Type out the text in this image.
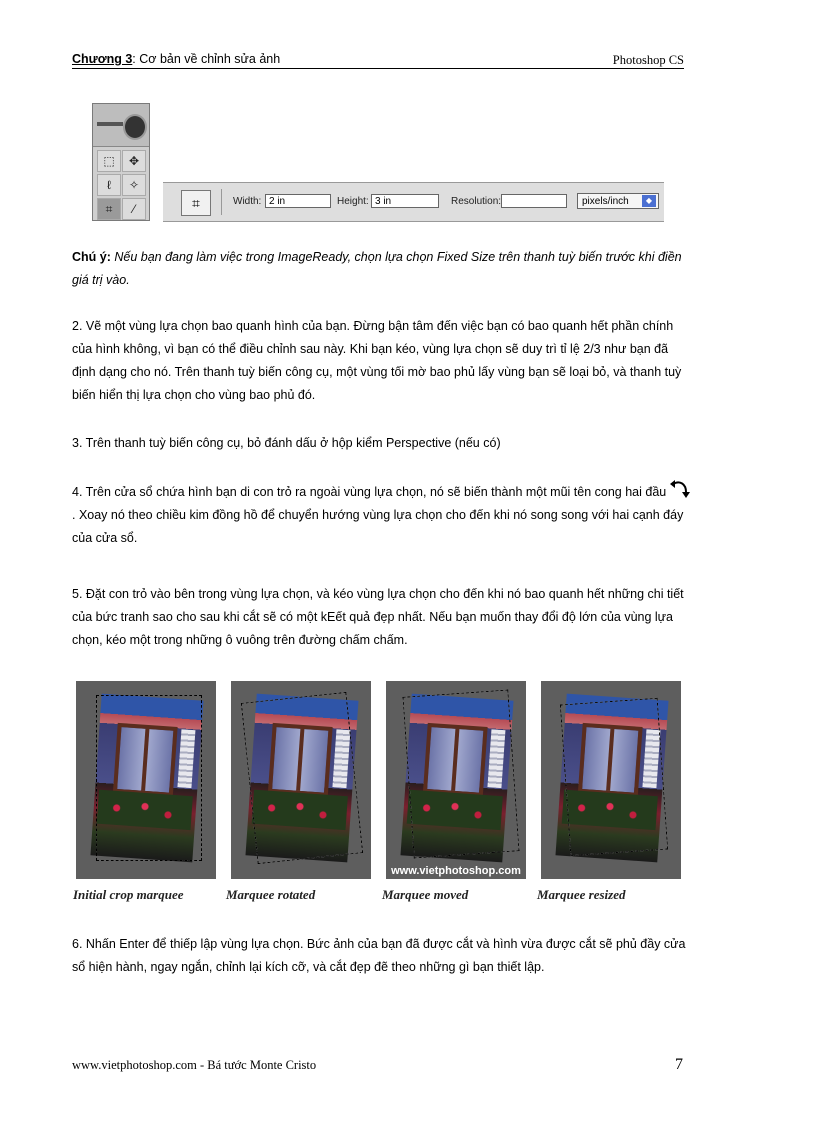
Chương 3: Cơ bản về chỉnh sửa ảnh	Photoshop CS
⬚	✥
ℓ	✧
⌗	⁄	⌗	Width: 2 in	Height: 3 in	Resolution:	pixels/inch	◆
Chú ý: Nếu bạn đang làm việc trong ImageReady, chọn lựa chọn Fixed Size trên thanh tuỳ biến trước khi điền giá trị vào.
2. Vẽ một vùng lựa chọn bao quanh hình của bạn. Đừng bận tâm đến việc bạn có bao quanh hết phần chính của hình không, vì bạn có thể điều chỉnh sau này. Khi bạn kéo, vùng lựa chọn sẽ duy trì tỉ lệ 2/3 như bạn đã định dạng cho nó. Trên thanh tuỳ biến công cụ, một vùng tối mờ bao phủ lấy vùng bạn sẽ loại bỏ, và thanh tuỳ biến hiển thị lựa chọn cho vùng bao phủ đó.
3. Trên thanh tuỳ biến công cụ, bỏ đánh dấu ở hộp kiểm Perspective (nếu có)
4. Trên cửa sổ chứa hình bạn di con trỏ ra ngoài vùng lựa chọn, nó sẽ biến thành một mũi tên cong hai đầu . Xoay nó theo chiều kim đồng hồ để chuyển hướng vùng lựa chọn cho đến khi nó song song với hai cạnh đáy của cửa sổ.
5. Đặt con trỏ vào bên trong vùng lựa chọn, và kéo vùng lựa chọn cho đến khi nó bao quanh hết những chi tiết của bức tranh sao cho sau khi cắt sẽ có một kEết quả đẹp nhất. Nếu bạn muốn thay đổi độ lớn của vùng lựa chọn, kéo một trong những ô vuông trên đường chấm chấm.
www.vietphotoshop.com
Initial crop marquee	Marquee rotated	Marquee moved	Marquee resized
6. Nhấn Enter để thiếp lập vùng lựa chọn. Bức ảnh của bạn đã được cắt và hình vừa được cắt sẽ phủ đầy cửa sổ hiện hành, ngay ngắn, chỉnh lại kích cỡ, và cắt đẹp đẽ theo những gì bạn thiết lập.
www.vietphotoshop.com - Bá tước Monte Cristo	7
